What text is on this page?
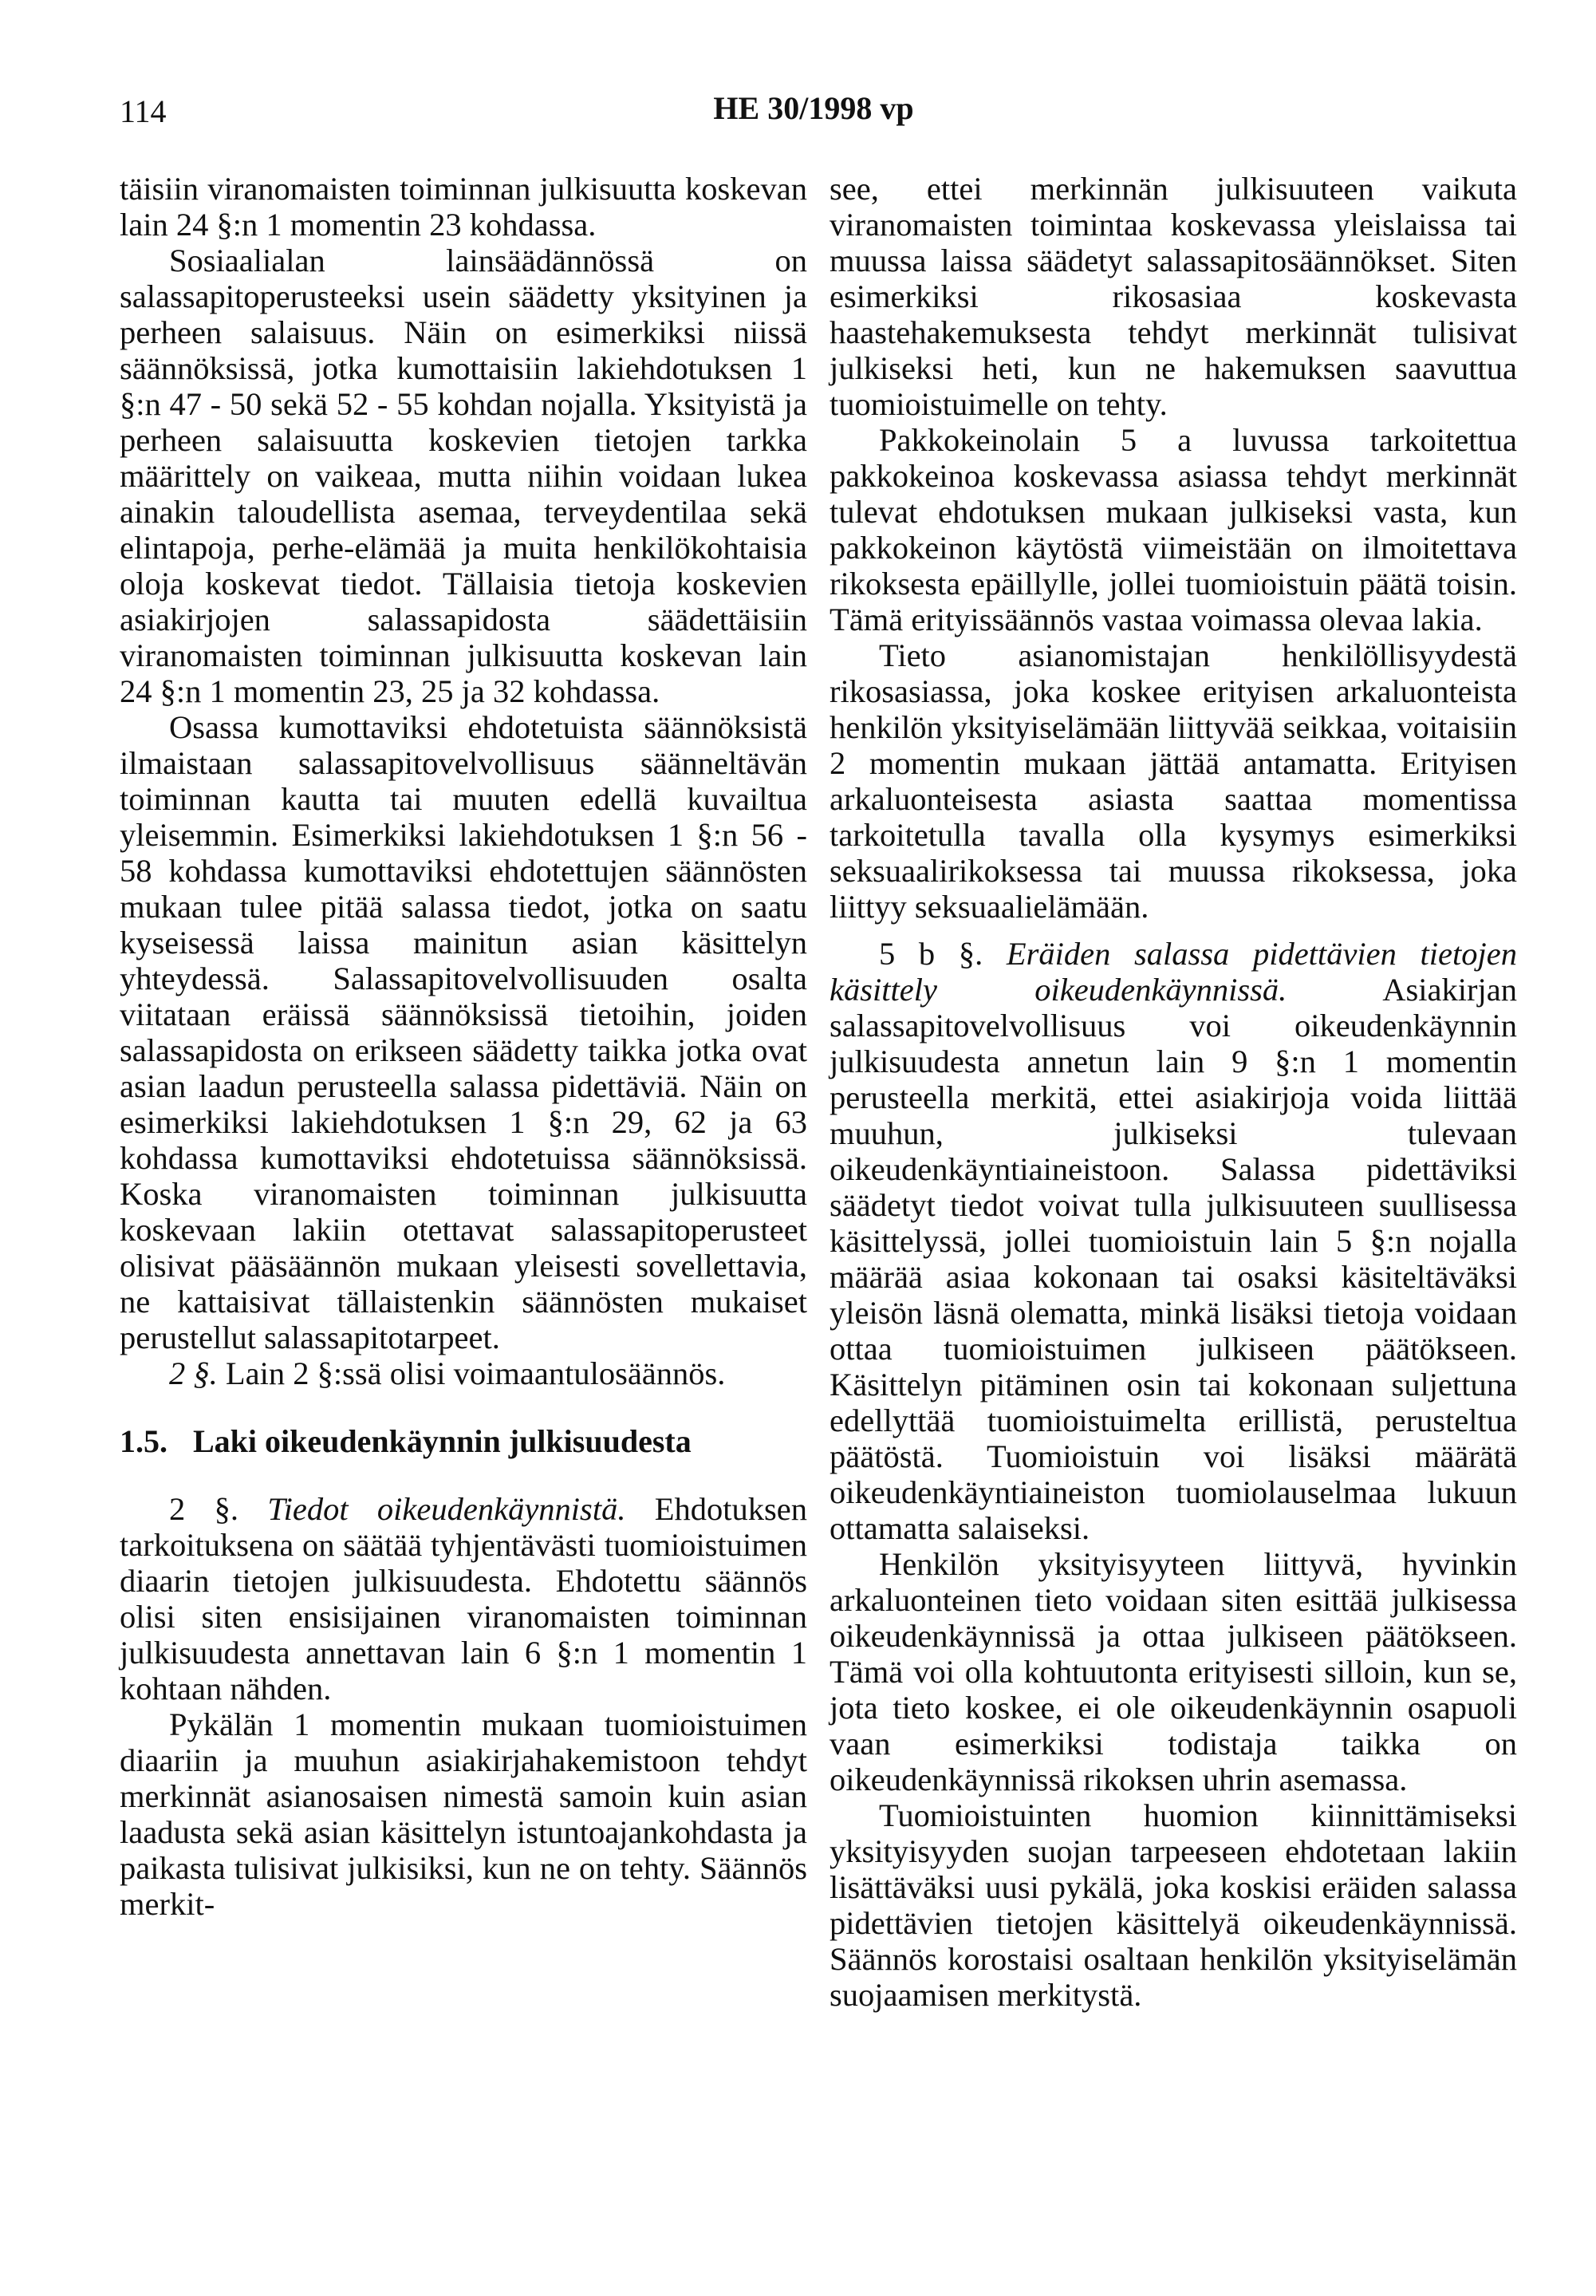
114	HE 30/1998 vp

täisiin viranomaisten toiminnan julkisuutta koskevan lain 24 §:n 1 momentin 23 kohdassa.

Sosiaalialan lainsäädännössä on salassapitoperusteeksi usein säädetty yksityinen ja perheen salaisuus. Näin on esimerkiksi niissä säännöksissä, jotka kumottaisiin lakiehdotuksen 1 §:n 47 - 50 sekä 52 - 55 kohdan nojalla. Yksityistä ja perheen salaisuutta koskevien tietojen tarkka määrittely on vaikeaa, mutta niihin voidaan lukea ainakin taloudellista asemaa, terveydentilaa sekä elintapoja, perhe-elämää ja muita henkilökohtaisia oloja koskevat tiedot. Tällaisia tietoja koskevien asiakirjojen salassapidosta säädettäisiin viranomaisten toiminnan julkisuutta koskevan lain 24 §:n 1 momentin 23, 25 ja 32 kohdassa.

Osassa kumottaviksi ehdotetuista säännöksistä ilmaistaan salassapitovelvollisuus säänneltävän toiminnan kautta tai muuten edellä kuvailtua yleisemmin. Esimerkiksi lakiehdotuksen 1 §:n 56 - 58 kohdassa kumottaviksi ehdotettujen säännösten mukaan tulee pitää salassa tiedot, jotka on saatu kyseisessä laissa mainitun asian käsittelyn yhteydessä. Salassapitovelvollisuuden osalta viitataan eräissä säännöksissä tietoihin, joiden salassapidosta on erikseen säädetty taikka jotka ovat asian laadun perusteella salassa pidettäviä. Näin on esimerkiksi lakiehdotuksen 1 §:n 29, 62 ja 63 kohdassa kumottaviksi ehdotetuissa säännöksissä. Koska viranomaisten toiminnan julkisuutta koskevaan lakiin otettavat salassapitoperusteet olisivat pääsäännön mukaan yleisesti sovellettavia, ne kattaisivat tällaistenkin säännösten mukaiset perustellut salassapitotarpeet.

2 §. Lain 2 §:ssä olisi voimaantulosäännös.

1.5. Laki oikeudenkäynnin julkisuudesta

2 §. Tiedot oikeudenkäynnistä. Ehdotuksen tarkoituksena on säätää tyhjentävästi tuomioistuimen diaarin tietojen julkisuudesta. Ehdotettu säännös olisi siten ensisijainen viranomaisten toiminnan julkisuudesta annettavan lain 6 §:n 1 momentin 1 kohtaan nähden.

Pykälän 1 momentin mukaan tuomioistuimen diaariin ja muuhun asiakirjahakemistoon tehdyt merkinnät asianosaisen nimestä samoin kuin asian laadusta sekä asian käsittelyn istuntoajankohdasta ja paikasta tulisivat julkisiksi, kun ne on tehty. Säännös merkit-

see, ettei merkinnän julkisuuteen vaikuta viranomaisten toimintaa koskevassa yleislaissa tai muussa laissa säädetyt salassapitosäännökset. Siten esimerkiksi rikosasiaa koskevasta haastehakemuksesta tehdyt merkinnät tulisivat julkiseksi heti, kun ne hakemuksen saavuttua tuomioistuimelle on tehty.

Pakkokeinolain 5 a luvussa tarkoitettua pakkokeinoa koskevassa asiassa tehdyt merkinnät tulevat ehdotuksen mukaan julkiseksi vasta, kun pakkokeinon käytöstä viimeistään on ilmoitettava rikoksesta epäillylle, jollei tuomioistuin päätä toisin. Tämä erityissäännös vastaa voimassa olevaa lakia.

Tieto asianomistajan henkilöllisyydestä rikosasiassa, joka koskee erityisen arkaluonteista henkilön yksityiselämään liittyvää seikkaa, voitaisiin 2 momentin mukaan jättää antamatta. Erityisen arkaluonteisesta asiasta saattaa momentissa tarkoitetulla tavalla olla kysymys esimerkiksi seksuaalirikoksessa tai muussa rikoksessa, joka liittyy seksuaalielämään.

5 b §. Eräiden salassa pidettävien tietojen käsittely oikeudenkäynnissä.	Asiakirjan salassapitovelvollisuus voi oikeudenkäynnin julkisuudesta annetun lain 9 §:n 1 momentin perusteella merkitä, ettei asiakirjoja voida liittää muuhun, julkiseksi tulevaan oikeudenkäyntiaineistoon. Salassa pidettäviksi säädetyt tiedot voivat tulla julkisuuteen suullisessa käsittelyssä, jollei tuomioistuin lain 5 §:n nojalla määrää asiaa kokonaan tai osaksi käsiteltäväksi yleisön läsnä olematta, minkä lisäksi tietoja voidaan ottaa tuomioistuimen julkiseen päätökseen. Käsittelyn pitäminen osin tai kokonaan suljettuna edellyttää tuomioistuimelta erillistä, perusteltua päätöstä. Tuomioistuin voi lisäksi määrätä oikeudenkäyntiaineiston tuomiolauselmaa lukuun ottamatta salaiseksi.

Henkilön yksityisyyteen liittyvä, hyvinkin arkaluonteinen tieto voidaan siten esittää julkisessa oikeudenkäynnissä ja ottaa julkiseen päätökseen. Tämä voi olla kohtuutonta erityisesti silloin, kun se, jota tieto koskee, ei ole oikeudenkäynnin osapuoli vaan esimerkiksi todistaja taikka on oikeudenkäynnissä rikoksen uhrin asemassa.

Tuomioistuinten huomion kiinnittämiseksi yksityisyyden suojan tarpeeseen ehdotetaan lakiin lisättäväksi uusi pykälä, joka koskisi eräiden salassa pidettävien tietojen käsittelyä oikeudenkäynnissä. Säännös korostaisi osaltaan henkilön yksityiselämän suojaamisen merkitystä.
